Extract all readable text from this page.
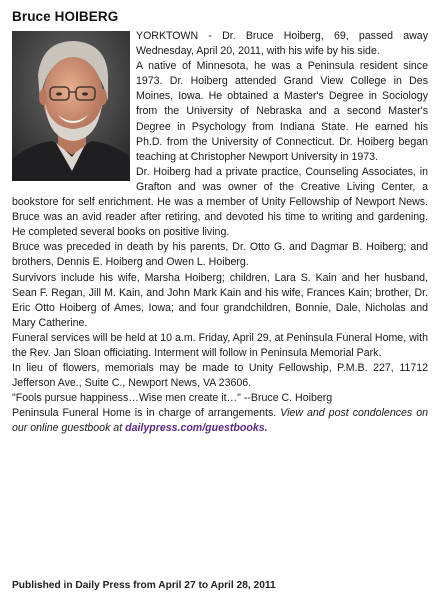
Bruce HOIBERG

YORKTOWN - Dr. Bruce Hoiberg, 69, passed away Wednesday, April 20, 2011, with his wife by his side.

A native of Minnesota, he was a Peninsula resident since 1973. Dr. Hoiberg attended Grand View College in Des Moines, Iowa. He obtained a Master's Degree in Sociology from the University of Nebraska and a second Master's Degree in Psychology from Indiana State. He earned his Ph.D. from the University of Connecticut. Dr. Hoiberg began teaching at Christopher Newport University in 1973.

Dr. Hoiberg had a private practice, Counseling Associates, in Grafton and was owner of the Creative Living Center, a bookstore for self enrichment. He was a member of Unity Fellowship of Newport News. Bruce was an avid reader after retiring, and devoted his time to writing and gardening. He completed several books on positive living.

Bruce was preceded in death by his parents, Dr. Otto G. and Dagmar B. Hoiberg; and brothers, Dennis E. Hoiberg and Owen L. Hoiberg.

Survivors include his wife, Marsha Hoiberg; children, Lara S. Kain and her husband, Sean F. Regan, Jill M. Kain, and John Mark Kain and his wife, Frances Kain; brother, Dr. Eric Otto Hoiberg of Ames, Iowa; and four grandchildren, Bonnie, Dale, Nicholas and Mary Catherine.

Funeral services will be held at 10 a.m. Friday, April 29, at Peninsula Funeral Home, with the Rev. Jan Sloan officiating. Interment will follow in Peninsula Memorial Park.

In lieu of flowers, memorials may be made to Unity Fellowship, P.M.B. 227, 11712 Jefferson Ave., Suite C., Newport News, VA 23606.

"Fools pursue happiness…Wise men create it…" --Bruce C. Hoiberg

Peninsula Funeral Home is in charge of arrangements. View and post condolences on our online guestbook at dailypress.com/guestbooks.

Published in Daily Press from April 27 to April 28, 2011
